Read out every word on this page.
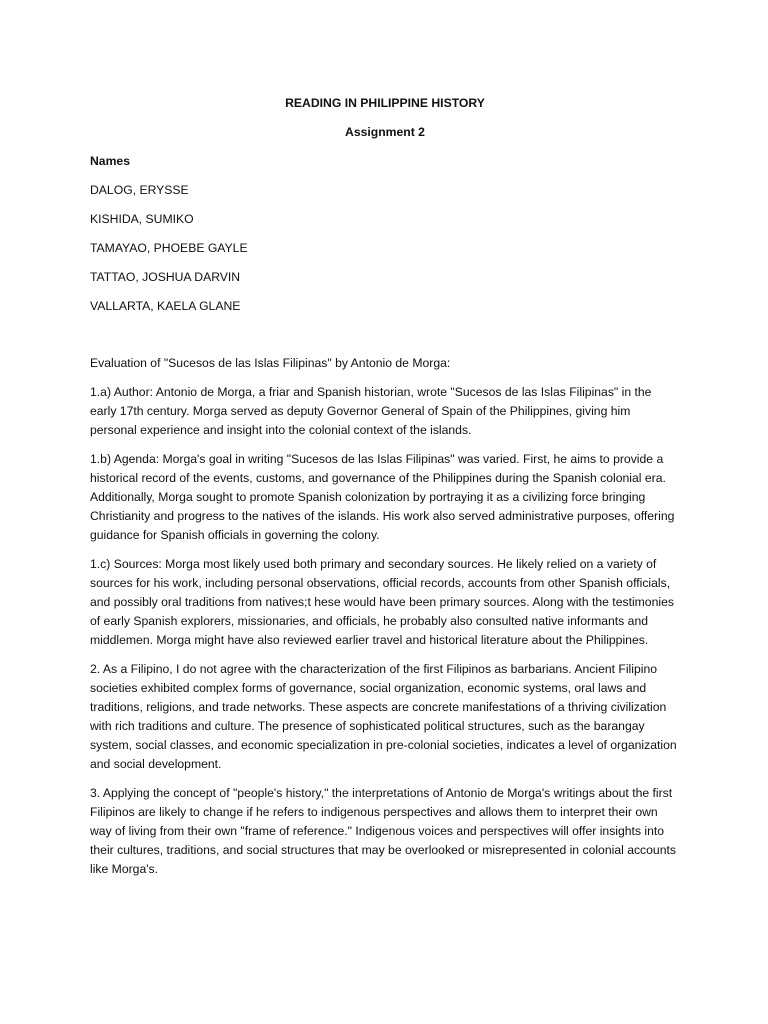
READING IN PHILIPPINE HISTORY
Assignment 2
Names
DALOG, ERYSSE
KISHIDA, SUMIKO
TAMAYAO, PHOEBE GAYLE
TATTAO, JOSHUA DARVIN
VALLARTA, KAELA GLANE
Evaluation of "Sucesos de las Islas Filipinas" by Antonio de Morga:

1.a) Author: Antonio de Morga, a friar and Spanish historian, wrote "Sucesos de las Islas Filipinas" in the early 17th century. Morga served as deputy Governor General of Spain of the Philippines, giving him personal experience and insight into the colonial context of the islands.

1.b) Agenda: Morga's goal in writing "Sucesos de las Islas Filipinas" was varied. First, he aims to provide a historical record of the events, customs, and governance of the Philippines during the Spanish colonial era. Additionally, Morga sought to promote Spanish colonization by portraying it as a civilizing force bringing Christianity and progress to the natives of the islands. His work also served administrative purposes, offering guidance for Spanish officials in governing the colony.

1.c) Sources: Morga most likely used both primary and secondary sources. He likely relied on a variety of sources for his work, including personal observations, official records, accounts from other Spanish officials, and possibly oral traditions from natives;t hese would have been primary sources. Along with the testimonies of early Spanish explorers, missionaries, and officials, he probably also consulted native informants and middlemen. Morga might have also reviewed earlier travel and historical literature about the Philippines.

2. As a Filipino, I do not agree with the characterization of the first Filipinos as barbarians. Ancient Filipino societies exhibited complex forms of governance, social organization, economic systems, oral laws and traditions, religions, and trade networks. These aspects are concrete manifestations of a thriving civilization with rich traditions and culture. The presence of sophisticated political structures, such as the barangay system, social classes, and economic specialization in pre-colonial societies, indicates a level of organization and social development.

3. Applying the concept of "people's history," the interpretations of Antonio de Morga's writings about the first Filipinos are likely to change if he refers to indigenous perspectives and allows them to interpret their own way of living from their own "frame of reference." Indigenous voices and perspectives will offer insights into their cultures, traditions, and social structures that may be overlooked or misrepresented in colonial accounts like Morga's.
